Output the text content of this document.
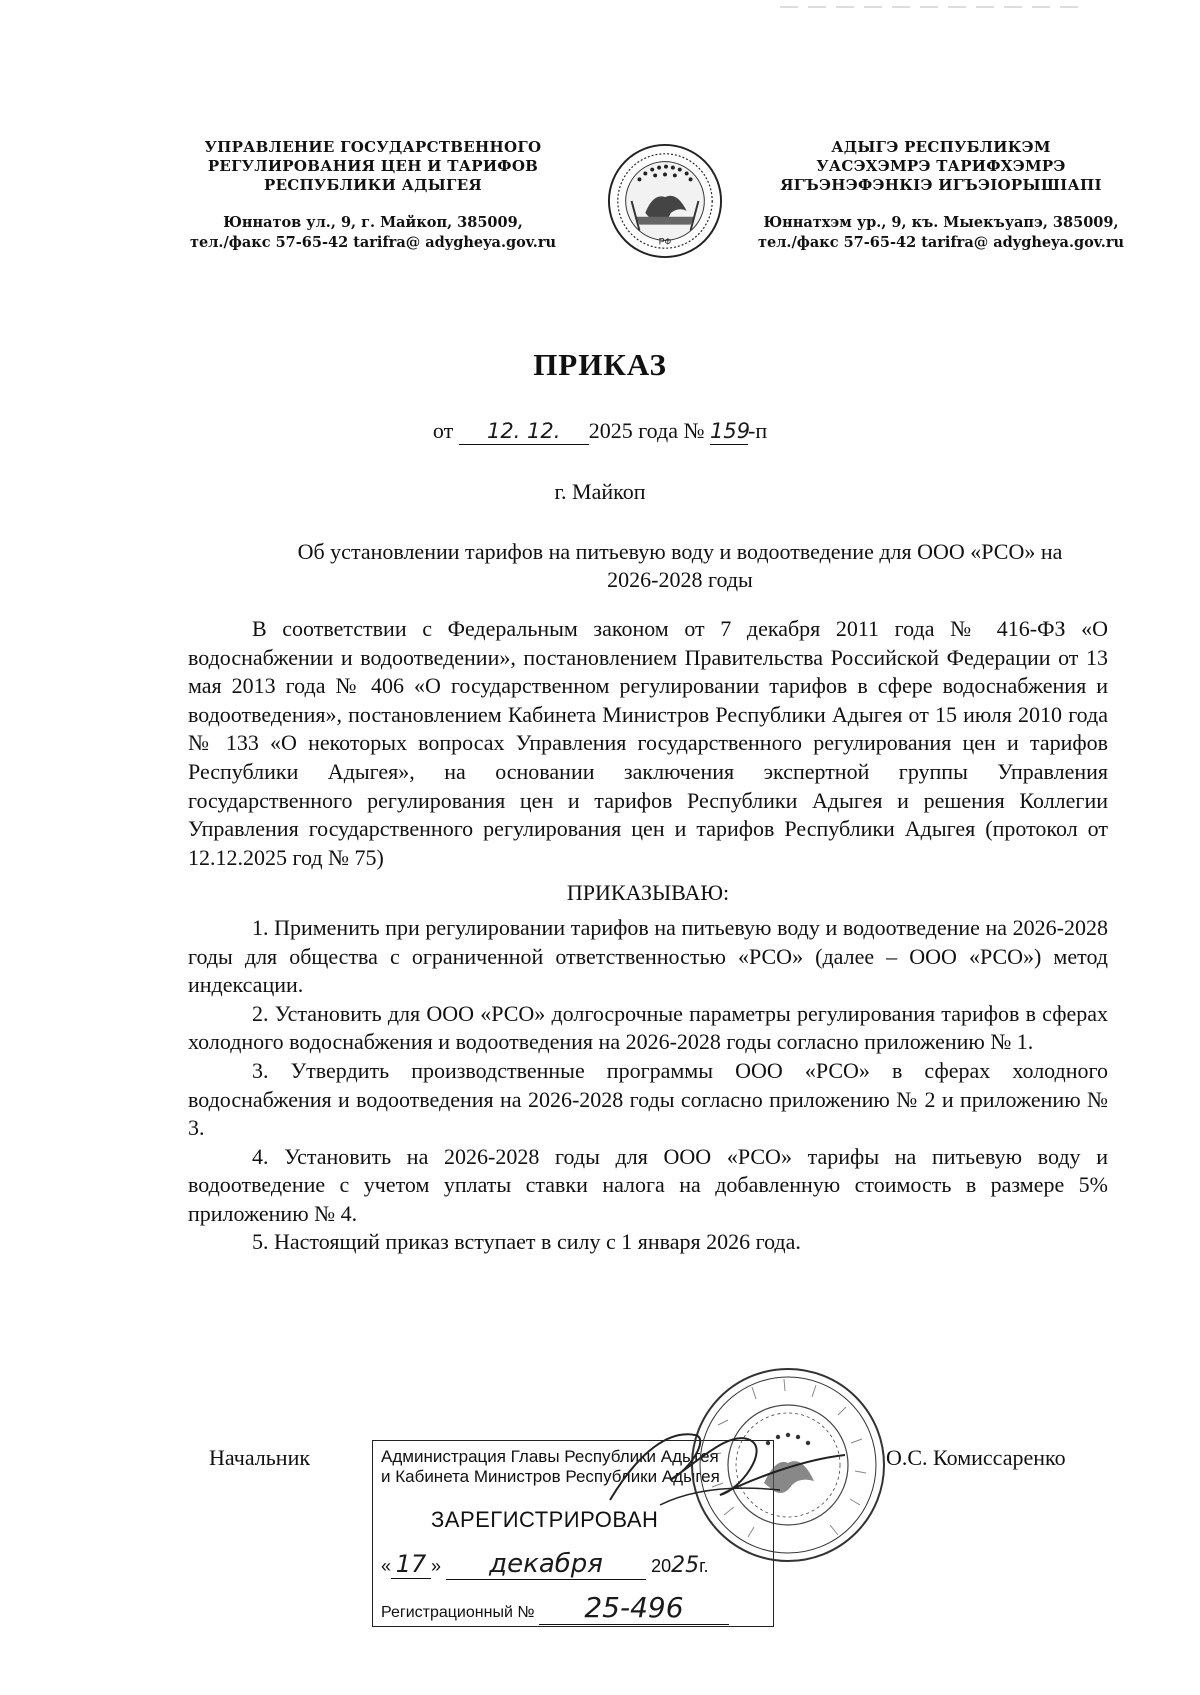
УПРАВЛЕНИЕ ГОСУДАРСТВЕННОГО
РЕГУЛИРОВАНИЯ ЦЕН И ТАРИФОВ
РЕСПУБЛИКИ АДЫГЕЯ
Юннатов ул., 9, г. Майкоп, 385009,
тел./факс 57-65-42 tarifra@ adygheya.gov.ru	РФ
АДЫГЭ РЕСПУБЛИКЭМ
УАСЭХЭМРЭ ТАРИФХЭМРЭ
ЯГЪЭНЭФЭНКIЭ ИГЪЭIОРЫШIАПI
Юннатхэм ур., 9, къ. Мыекъуапэ, 385009,
тел./факс 57-65-42 tarifra@ adygheya.gov.ru
ПРИКАЗ
от 12. 12. 2025 года № 159-п
г. Майкоп
Об установлении тарифов на питьевую воду и водоотведение для ООО «РСО» на 2026-2028 годы

В соответствии с Федеральным законом от 7 декабря 2011 года № 416-ФЗ «О водоснабжении и водоотведении», постановлением Правительства Российской Федерации от 13 мая 2013 года № 406 «О государственном регулировании тарифов в сфере водоснабжения и водоотведения», постановлением Кабинета Министров Республики Адыгея от 15 июля 2010 года № 133 «О некоторых вопросах Управления государственного регулирования цен и тарифов Республики Адыгея», на основании заключения экспертной группы Управления государственного регулирования цен и тарифов Республики Адыгея и решения Коллегии Управления государственного регулирования цен и тарифов Республики Адыгея (протокол от 12.12.2025 год № 75)

ПРИКАЗЫВАЮ:

1. Применить при регулировании тарифов на питьевую воду и водоотведение на 2026-2028 годы для общества с ограниченной ответственностью «РСО» (далее – ООО «РСО») метод индексации.

2. Установить для ООО «РСО» долгосрочные параметры регулирования тарифов в сферах холодного водоснабжения и водоотведения на 2026-2028 годы согласно приложению № 1.

3. Утвердить производственные программы ООО «РСО» в сферах холодного водоснабжения и водоотведения на 2026-2028 годы согласно приложению № 2 и приложению № 3.

4. Установить на 2026-2028 годы для ООО «РСО» тарифы на питьевую воду и водоотведение с учетом уплаты ставки налога на добавленную стоимость в размере 5% приложению № 4.

5. Настоящий приказ вступает в силу с 1 января 2026 года.

Начальник	О.С. Комиссаренко
Администрация Главы Республики Адыгея
и Кабинета Министров Республики Адыгея
ЗАРЕГИСТРИРОВАН
« 17 » декабря	2025г.
Регистрационный № 25-496
